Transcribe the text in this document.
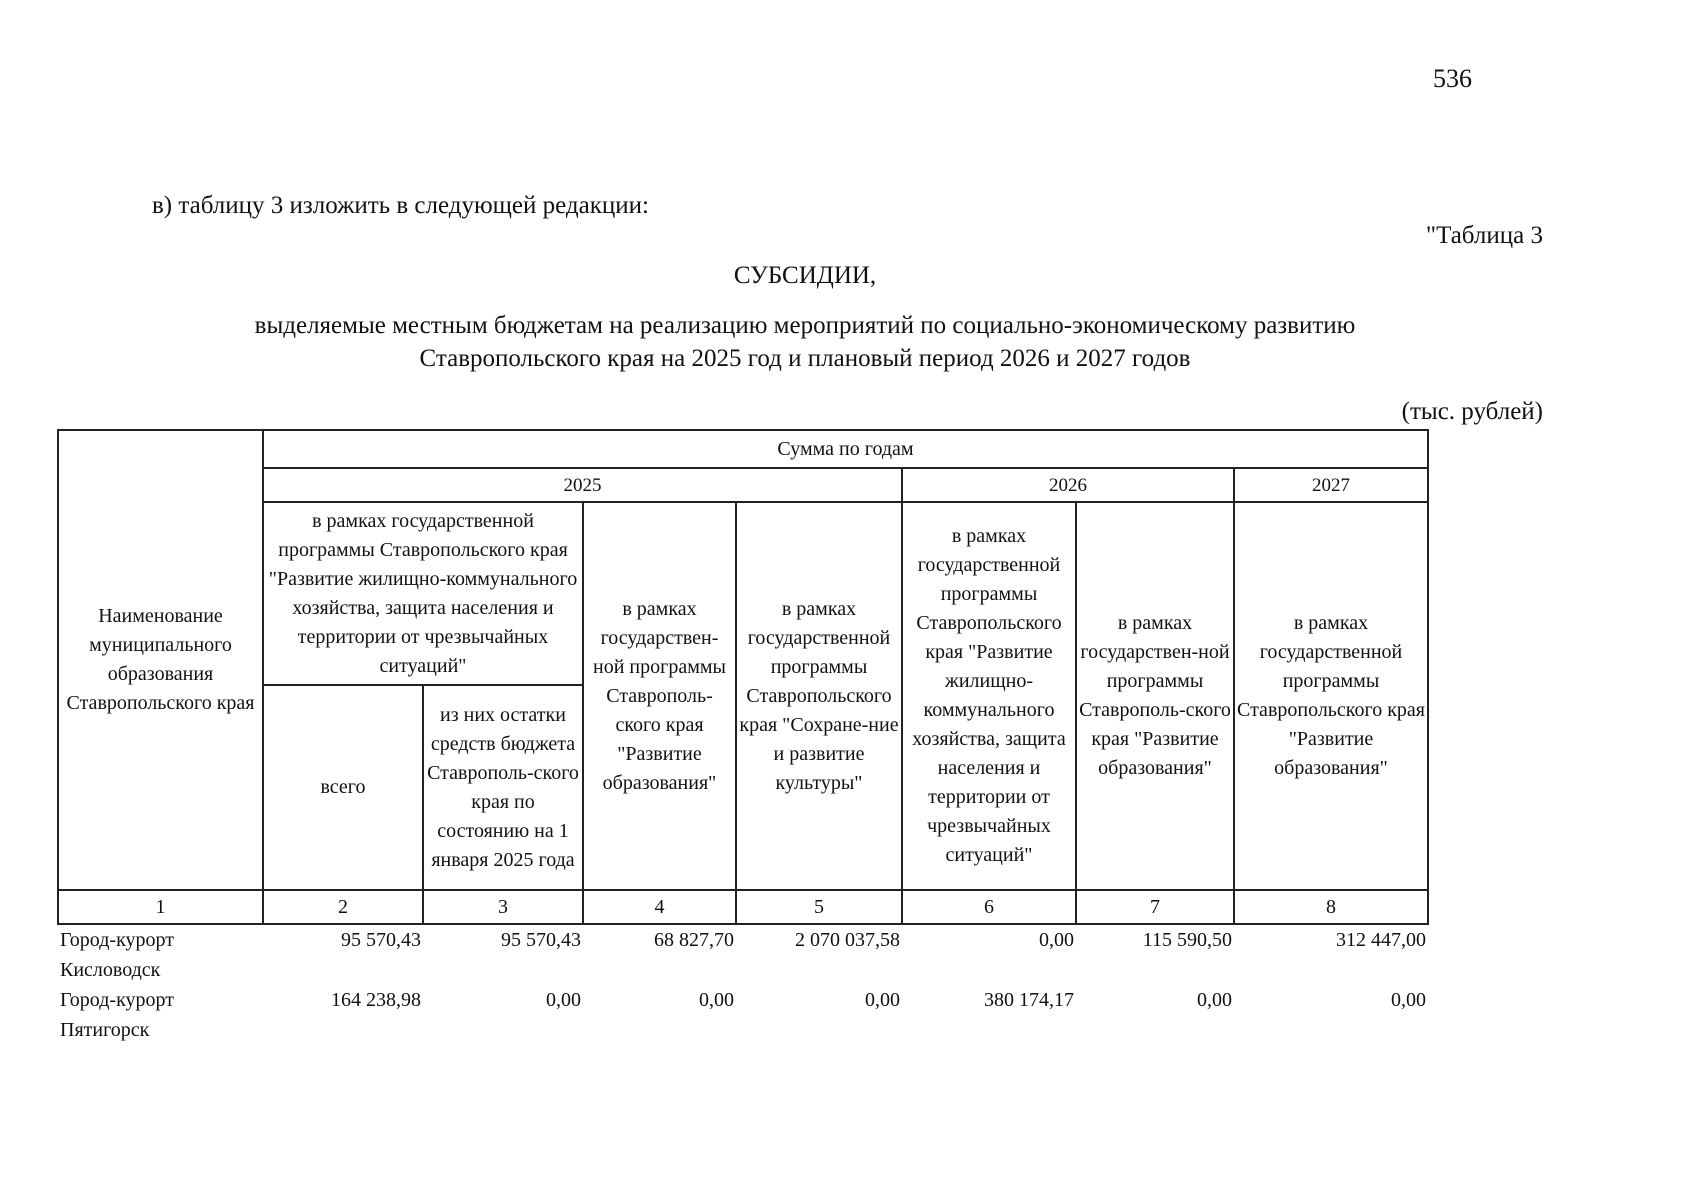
536
в) таблицу 3 изложить в следующей редакции:
"Таблица 3
СУБСИДИИ,
выделяемые местным бюджетам на реализацию мероприятий по социально-экономическому развитию
Ставропольского края на 2025 год и плановый период 2026 и 2027 годов
(тыс. рублей)
Наименование муниципального образования Ставропольского края	Сумма по годам						
	2025				2026		2027
	в рамках государственной программы Ставропольского края "Развитие жилищно-коммунального хозяйства, защита населения и территории от чрезвычайных ситуаций"		в рамках государствен-ной программы Ставрополь-ского края "Развитие образования"	в рамках государственной программы Ставропольского края "Сохране-ние и развитие культуры"	в рамках государственной программы Ставропольского края "Развитие жилищно-коммунального хозяйства, защита населения и территории от чрезвычайных ситуаций"	в рамках государствен-ной программы Ставрополь-ского края "Развитие образования"	в рамках государственной программы Ставропольского края "Развитие образования"
	всего	из них остатки средств бюджета Ставрополь-ского края по состоянию на 1 января 2025 года					
1	2	3	4	5	6	7	8
Город-курорт Кисловодск	95 570,43	95 570,43	68 827,70	2 070 037,58	0,00	115 590,50	312 447,00
Город-курорт Пятигорск	164 238,98	0,00	0,00	0,00	380 174,17	0,00	0,00
